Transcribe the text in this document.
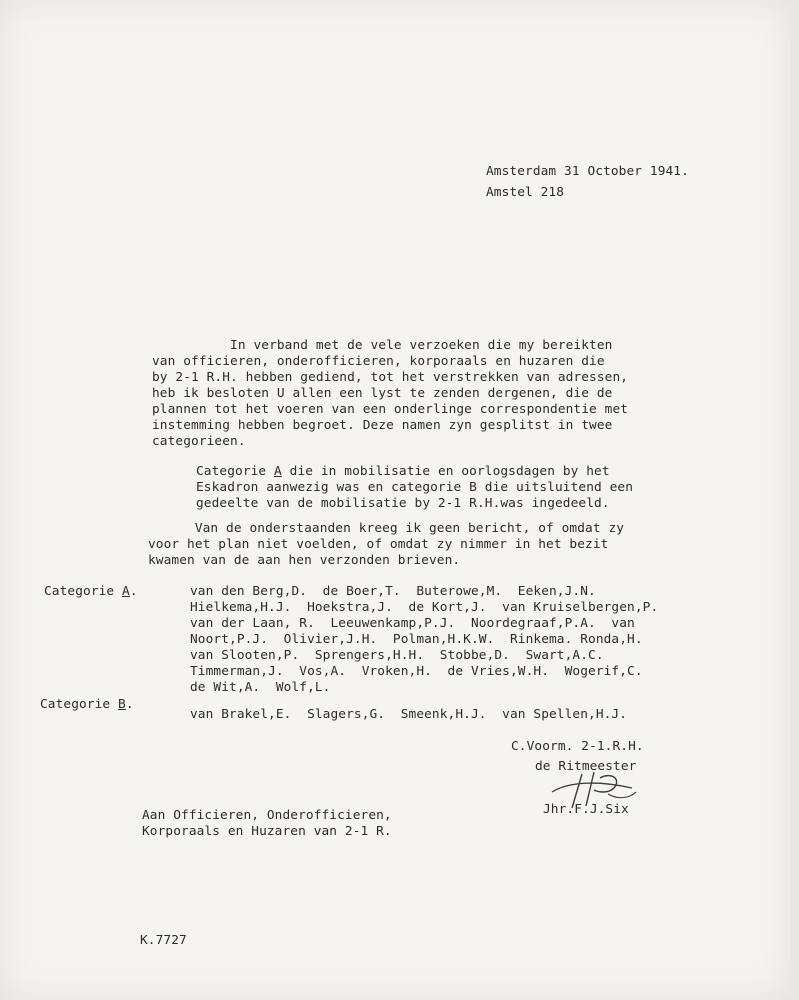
Amsterdam 31 October 1941.
Amstel 218
In verband met de vele verzoeken die my bereikten
van officieren, onderofficieren, korporaals en huzaren die
by 2-1 R.H. hebben gediend, tot het verstrekken van adressen,
heb ik besloten U allen een lyst te zenden dergenen, die de
plannen tot het voeren van een onderlinge correspondentie met
instemming hebben begroet. Deze namen zyn gesplitst in twee
categorieen.
Categorie A die in mobilisatie en oorlogsdagen by het
Eskadron aanwezig was en categorie B die uitsluitend een
gedeelte van de mobilisatie by 2-1 R.H.was ingedeeld.
Van de onderstaanden kreeg ik geen bericht, of omdat zy
voor het plan niet voelden, of omdat zy nimmer in het bezit
kwamen van de aan hen verzonden brieven.
Categorie A.	van den Berg,D.  de Boer,T.  Buterowe,M.  Eeken,J.N.
Hielkema,H.J.  Hoekstra,J.  de Kort,J.  van Kruiselbergen,P.
van der Laan, R.  Leeuwenkamp,P.J.  Noordegraaf,P.A.  van
Noort,P.J.  Olivier,J.H.  Polman,H.K.W.  Rinkema. Ronda,H.
van Slooten,P.  Sprengers,H.H.  Stobbe,D.  Swart,A.C.
Timmerman,J.  Vos,A.  Vroken,H.  de Vries,W.H.  Wogerif,C.
de Wit,A.  Wolf,L.
Categorie B.
van Brakel,E.  Slagers,G.  Smeenk,H.J.  van Spellen,H.J.
C.Voorm. 2-1.R.H.
de Ritmeester
Jhr.F.J.Six
Aan Officieren, Onderofficieren,
Korporaals en Huzaren van 2-1 R.
K.7727
